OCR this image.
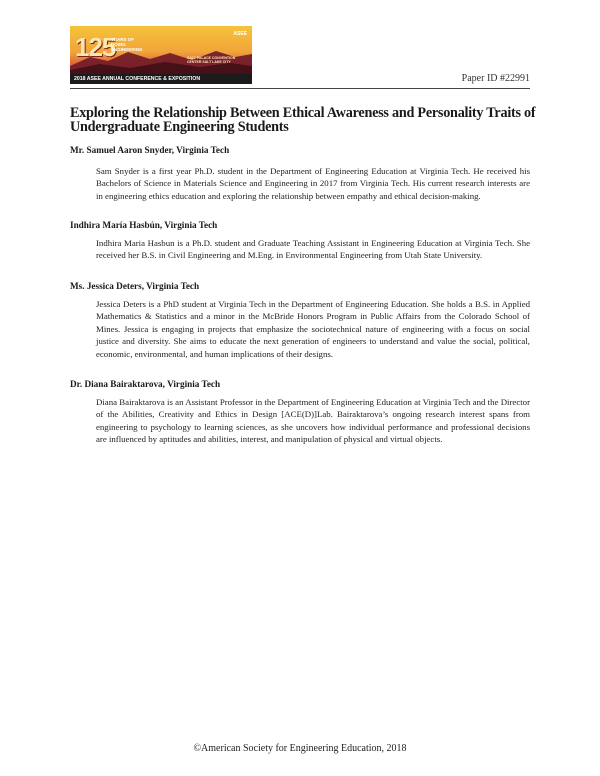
125
YEARS OF DOING ENGINEERING
ASEE
SALT PALACE CONVENTION CENTER SALT LAKE CITY
2018 ASEE ANNUAL CONFERENCE & EXPOSITION	Paper ID #22991
Exploring the Relationship Between Ethical Awareness and Personality Traits of Undergraduate Engineering Students
Mr. Samuel Aaron Snyder, Virginia Tech

Sam Snyder is a first year Ph.D. student in the Department of Engineering Education at Virginia Tech. He received his Bachelors of Science in Materials Science and Engineering in 2017 from Virginia Tech. His current research interests are in engineering ethics education and exploring the relationship between empathy and ethical decision-making.

Indhira María Hasbún, Virginia Tech

Indhira Maria Hasbun is a Ph.D. student and Graduate Teaching Assistant in Engineering Education at Virginia Tech. She received her B.S. in Civil Engineering and M.Eng. in Environmental Engineering from Utah State University.

Ms. Jessica Deters, Virginia Tech

Jessica Deters is a PhD student at Virginia Tech in the Department of Engineering Education. She holds a B.S. in Applied Mathematics & Statistics and a minor in the McBride Honors Program in Public Affairs from the Colorado School of Mines. Jessica is engaging in projects that emphasize the sociotechnical nature of engineering with a focus on social justice and diversity. She aims to educate the next generation of engineers to understand and value the social, political, economic, environmental, and human implications of their designs.

Dr. Diana Bairaktarova, Virginia Tech

Diana Bairaktarova is an Assistant Professor in the Department of Engineering Education at Virginia Tech and the Director of the Abilities, Creativity and Ethics in Design [ACE(D)]Lab. Bairaktarova’s ongoing research interest spans from engineering to psychology to learning sciences, as she uncovers how individual performance and professional decisions are influenced by aptitudes and abilities, interest, and manipulation of physical and virtual objects.

©American Society for Engineering Education, 2018
